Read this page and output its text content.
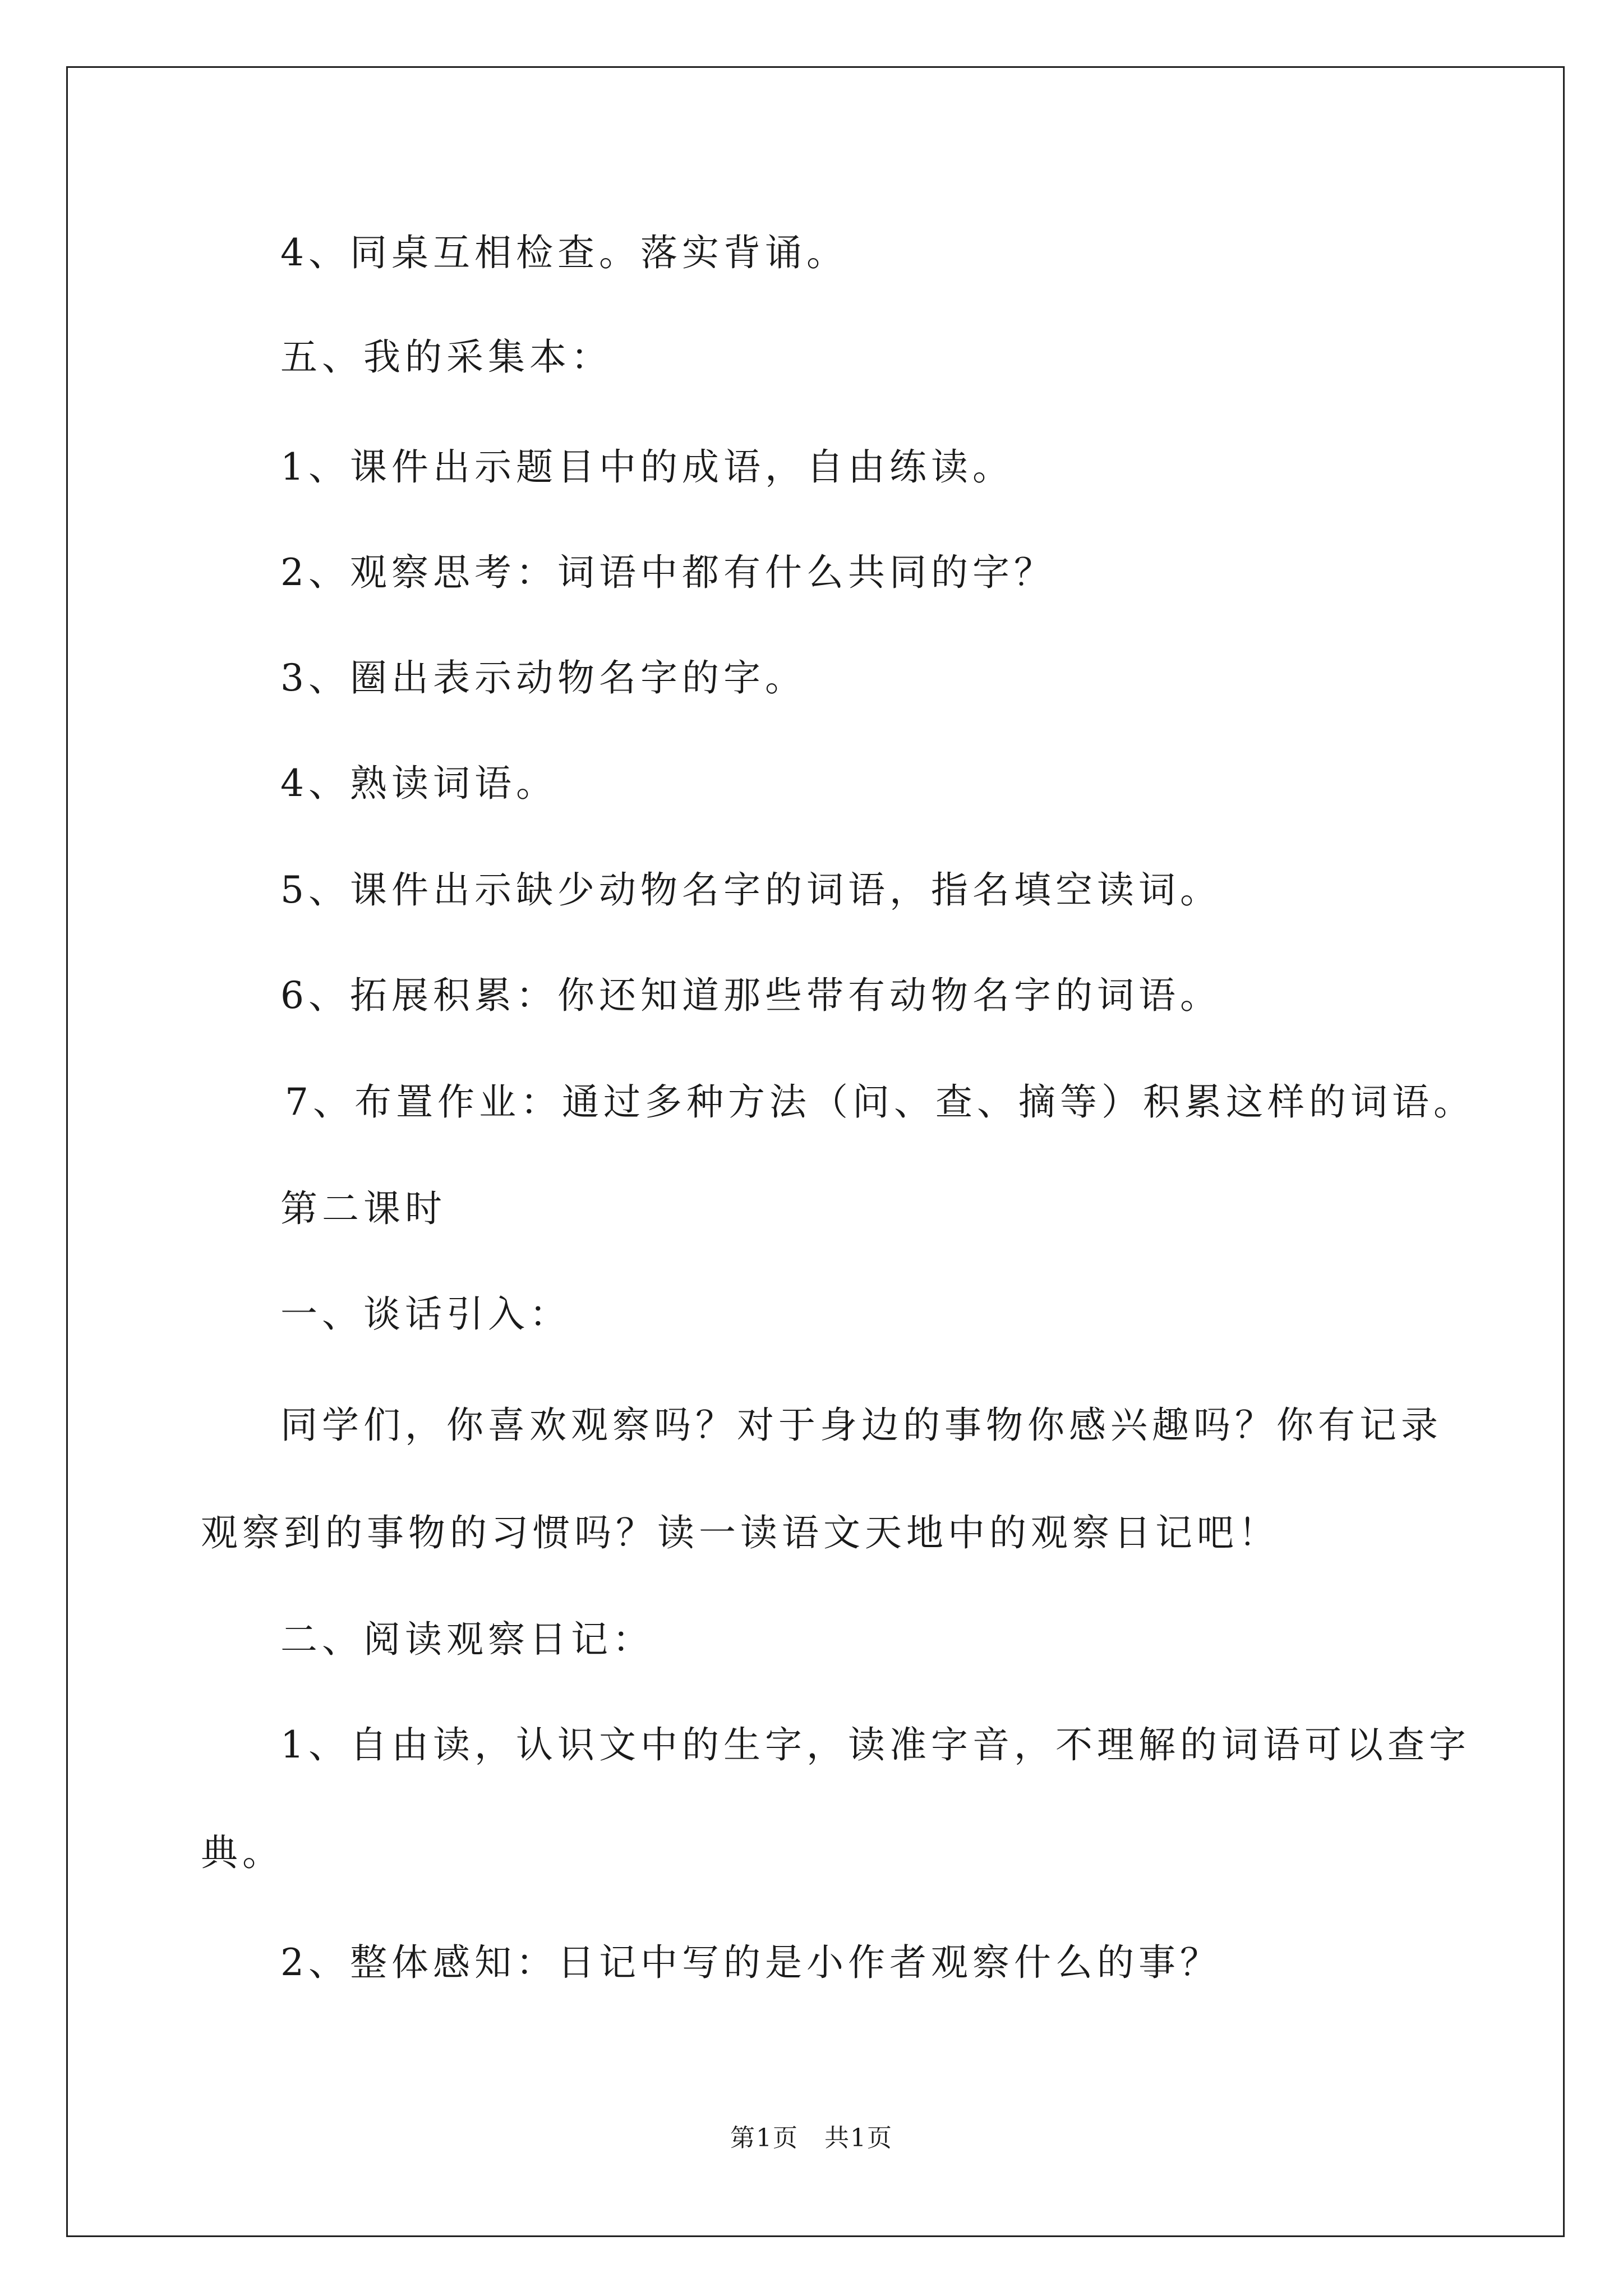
4、同桌互相检查。落实背诵。
五、我的采集本：
1、课件出示题目中的成语，自由练读。
2、观察思考：词语中都有什么共同的字？
3、圈出表示动物名字的字。
4、熟读词语。
5、课件出示缺少动物名字的词语，指名填空读词。
6、拓展积累：你还知道那些带有动物名字的词语。
7、布置作业：通过多种方法（问、查、摘等）积累这样的词语。
第二课时
一、谈话引入：
同学们，你喜欢观察吗？对于身边的事物你感兴趣吗？你有记录
观察到的事物的习惯吗？读一读语文天地中的观察日记吧！
二、阅读观察日记：
1、自由读，认识文中的生字，读准字音，不理解的词语可以查字
典。
2、整体感知：日记中写的是小作者观察什么的事？
第1页　共1页
